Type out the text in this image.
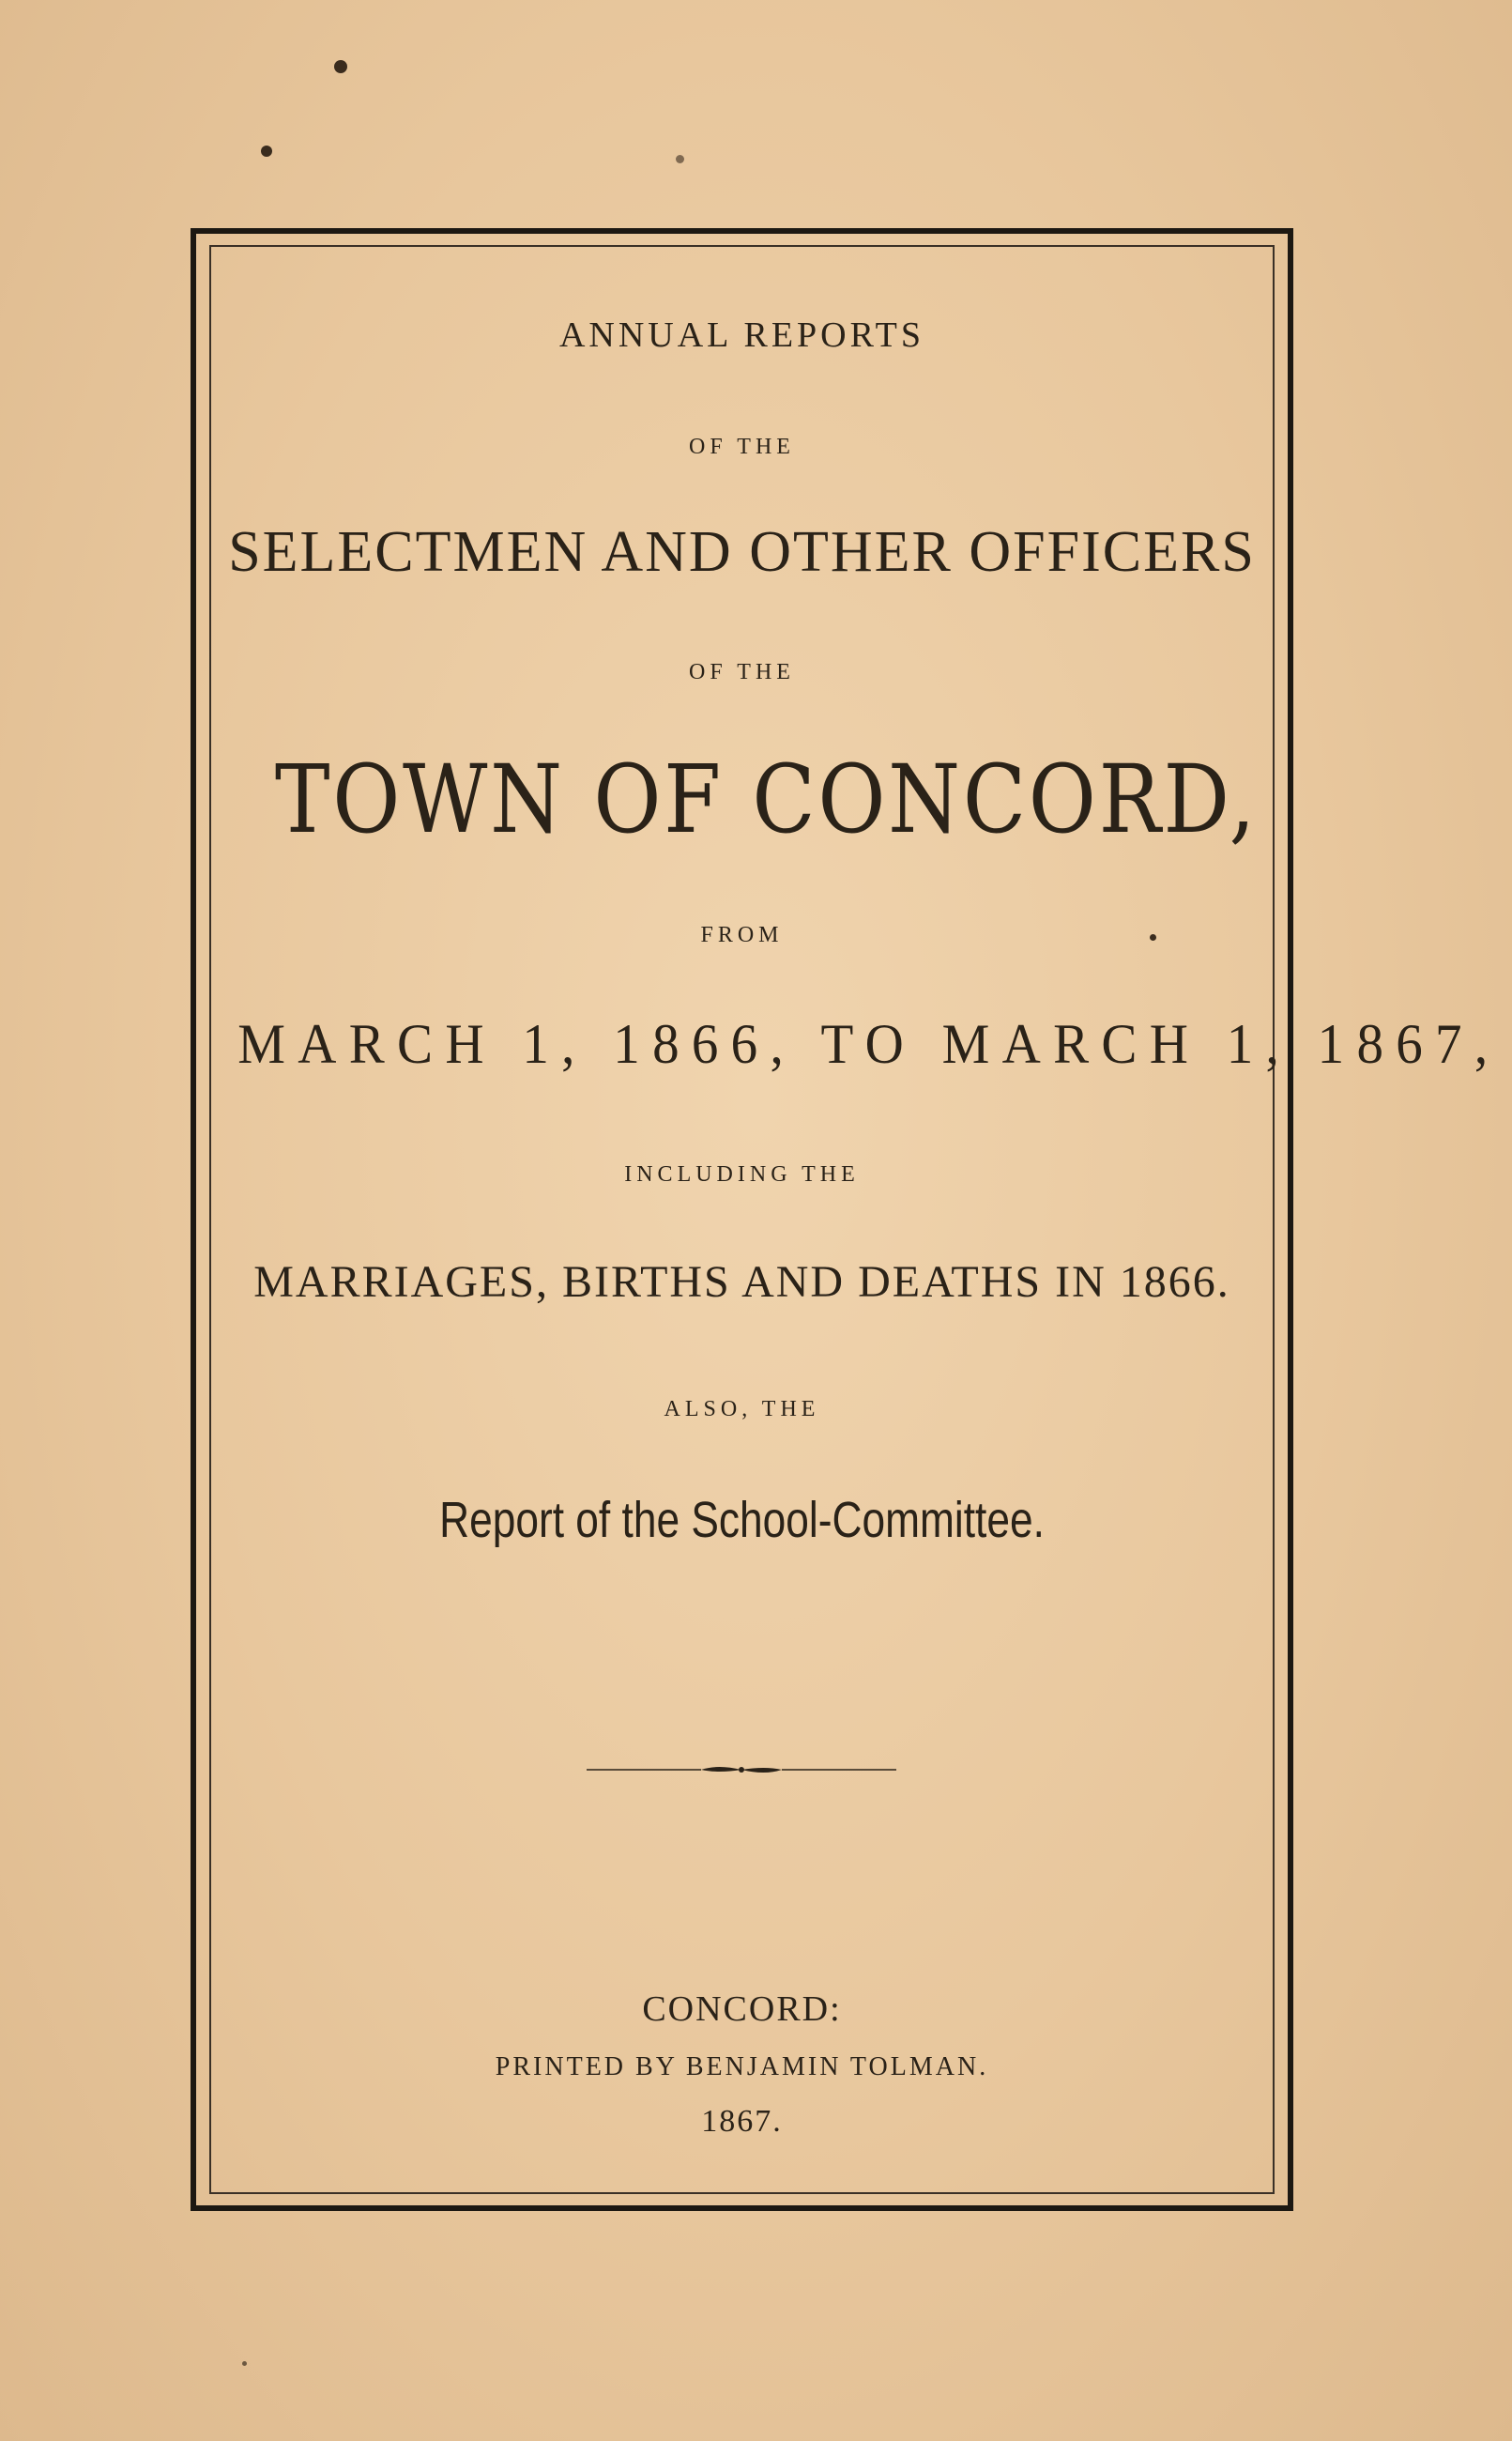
ANNUAL REPORTS
OF THE
SELECTMEN AND OTHER OFFICERS
OF THE
TOWN OF CONCORD,
FROM
MARCH 1, 1866, TO MARCH 1, 1867,
INCLUDING THE
MARRIAGES, BIRTHS AND DEATHS IN 1866.
ALSO, THE
Report of the School-Committee.
CONCORD:
PRINTED BY BENJAMIN TOLMAN.
1867.
